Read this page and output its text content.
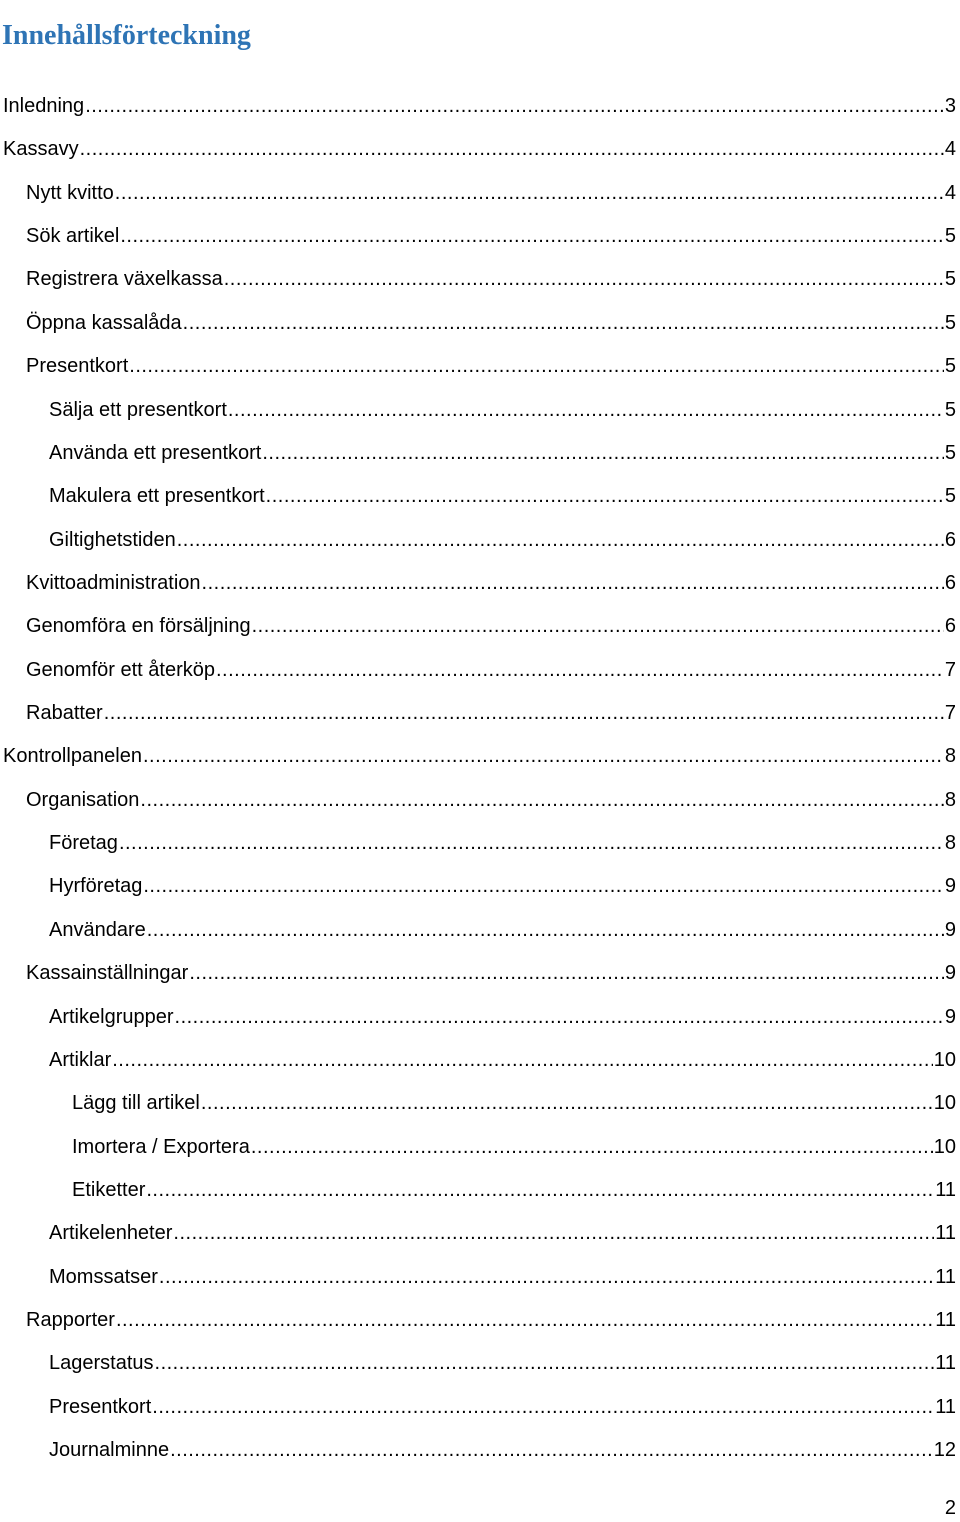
Innehållsförteckning
Inledning .....	3
Kassavy .....	4
Nytt kvitto .....	4
Sök artikel .....	5
Registrera växelkassa .....	5
Öppna kassalåda .....	5
Presentkort .....	5
Sälja ett presentkort .....	5
Använda ett presentkort .....	5
Makulera ett presentkort .....	5
Giltighetstiden .....	6
Kvittoadministration .....	6
Genomföra en försäljning .....	6
Genomför ett återköp .....	7
Rabatter .....	7
Kontrollpanelen .....	8
Organisation .....	8
Företag .....	8
Hyrföretag .....	9
Användare .....	9
Kassainställningar .....	9
Artikelgrupper .....	9
Artiklar .....	10
Lägg till artikel .....	10
Imortera / Exportera .....	10
Etiketter .....	11
Artikelenheter .....	11
Momssatser .....	11
Rapporter .....	11
Lagerstatus .....	11
Presentkort .....	11
Journalminne .....	12
2
